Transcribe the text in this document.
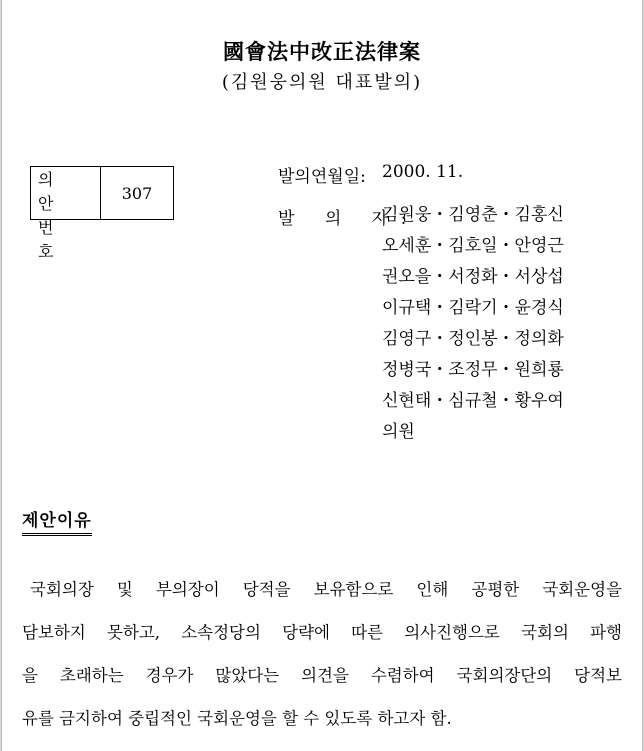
國會法中改正法律案
(김원웅의원 대표발의)
의 안
번 호
307
발의연월일: 2000. 11.
발 의 자:
김원웅・김영춘・김홍신
오세훈・김호일・안영근
권오을・서정화・서상섭
이규택・김락기・윤경식
김영구・정인봉・정의화
정병국・조정무・원희룡
신현태・심규철・황우여
의원
제안이유
국회의장 및 부의장이 당적을 보유함으로 인해 공평한 국회운영을
담보하지 못하고, 소속정당의 당략에 따른 의사진행으로 국회의 파행
을 초래하는 경우가 많았다는 의견을 수렴하여 국회의장단의 당적보
유를 금지하여 중립적인 국회운영을 할 수 있도록 하고자 함.
